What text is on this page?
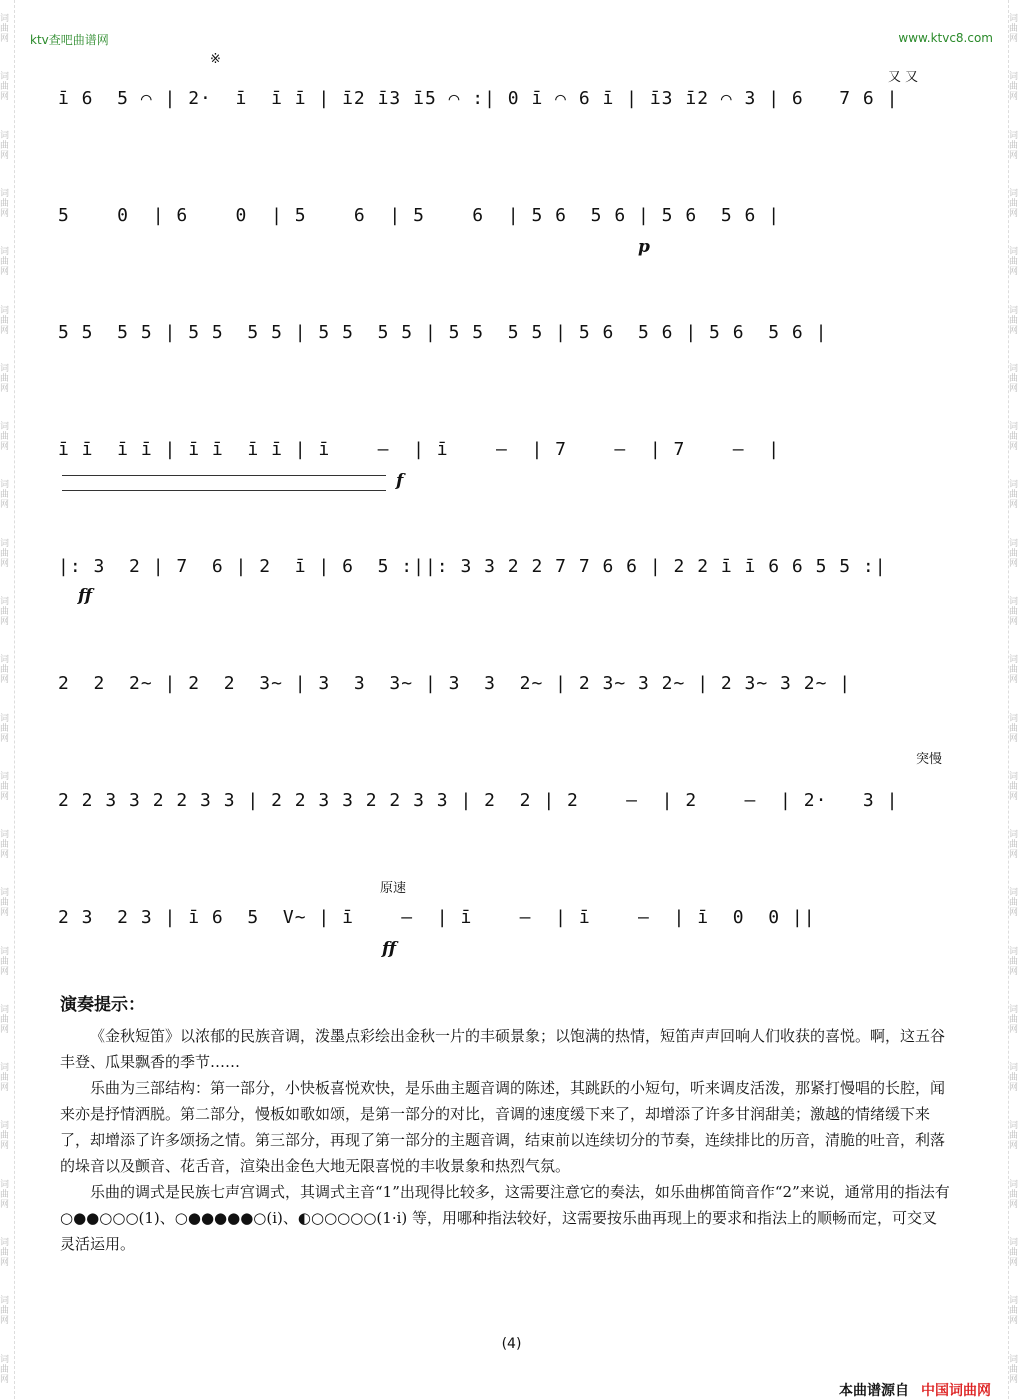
词曲网
词曲网
词曲网
词曲网
词曲网
词曲网
词曲网
词曲网
词曲网
词曲网
词曲网
词曲网
词曲网
词曲网
词曲网
词曲网
词曲网
词曲网
词曲网
词曲网
词曲网
词曲网
词曲网
词曲网
词曲网
词曲网
词曲网
词曲网
词曲网
词曲网
词曲网
词曲网
词曲网
词曲网
词曲网
词曲网
词曲网
词曲网
词曲网
词曲网
词曲网
词曲网
词曲网
词曲网
词曲网
词曲网
词曲网
词曲网
ktv查吧曲谱网	www.ktvc8.com
※
又 又
ī 6  5 ⌒ | 2·  ī  ī ī | ī2 ī3 ī5 ⌒ :| 0 ī ⌒ 6 ī | ī3 ī2 ⌒ 3 | 6   7 6 |
5    0  | 6    0  | 5    6  | 5    6  | 5 6  5 6 | 5 6  5 6 |
p
5 5  5 5 | 5 5  5 5 | 5 5  5 5 | 5 5  5 5 | 5 6  5 6 | 5 6  5 6 |
ī ī  ī ī | ī ī  ī ī | ī    –  | ī    –  | 7    –  | 7    –  |
f
|: 3  2 | 7  6 | 2  ī | 6  5 :||: 3 3 2 2 7 7 6 6 | 2 2 ī ī 6 6 5 5 :|
ff
2  2  2~ | 2  2  3~ | 3  3  3~ | 3  3  2~ | 2 3~ 3 2~ | 2 3~ 3 2~ |
突慢
2 2 3 3 2 2 3 3 | 2 2 3 3 2 2 3 3 | 2  2 | 2    –  | 2    –  | 2·   3 |
原速
2 3  2 3 | ī 6  5  V~ | ī    –  | ī    –  | ī    –  | ī  0  0 ||
ff
演奏提示：

《金秋短笛》以浓郁的民族音调，泼墨点彩绘出金秋一片的丰硕景象；以饱满的热情，短笛声声回响人们收获的喜悦。啊，这五谷丰登、瓜果飘香的季节……

乐曲为三部结构：第一部分，小快板喜悦欢快，是乐曲主题音调的陈述，其跳跃的小短句，听来调皮活泼，那紧打慢唱的长腔，闻来亦是抒情洒脱。第二部分，慢板如歌如颂，是第一部分的对比，音调的速度缓下来了，却增添了许多甘润甜美；激越的情绪缓下来了，却增添了许多颂扬之情。第三部分，再现了第一部分的主题音调，结束前以连续切分的节奏，连续排比的历音，清脆的吐音，利落的垛音以及颤音、花舌音，渲染出金色大地无限喜悦的丰收景象和热烈气氛。

乐曲的调式是民族七声宫调式，其调式主音“1”出现得比较多，这需要注意它的奏法，如乐曲梆笛筒音作“2”来说，通常用的指法有 ○●●○○○(1)、○●●●●●○(i)、◐○○○○○(1·i) 等，用哪种指法较好，这需要按乐曲再现上的要求和指法上的顺畅而定，可交叉灵活运用。

(4)
本曲谱源自 中国词曲网
